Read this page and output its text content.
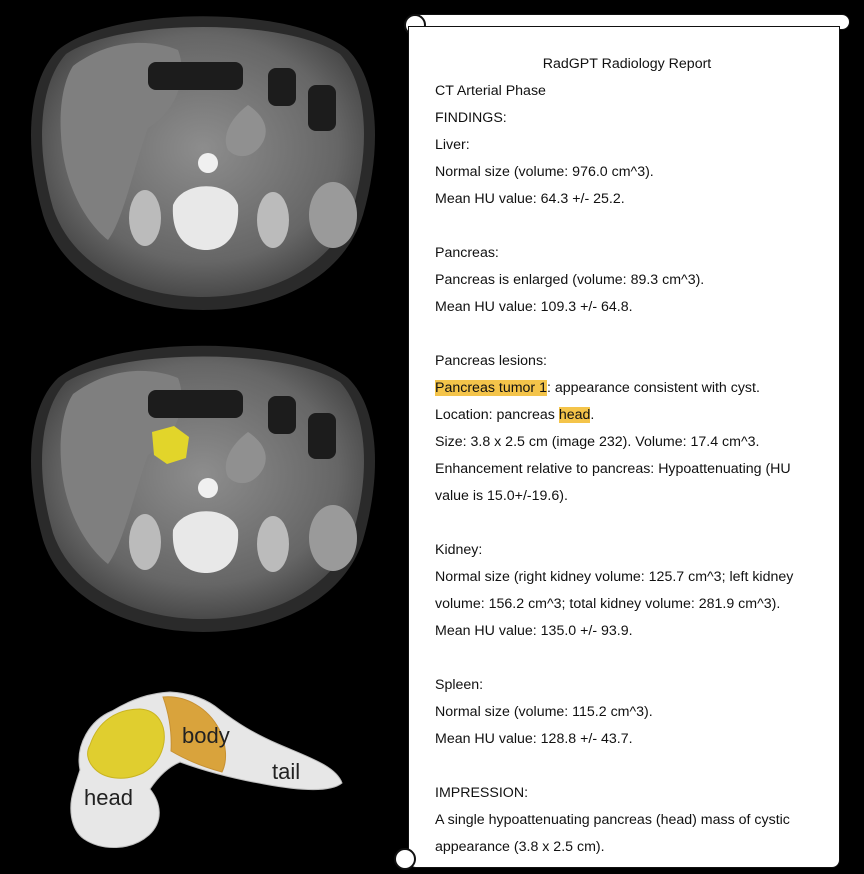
head
body
tail
RadGPT Radiology Report
CT Arterial Phase
FINDINGS:
Liver:
Normal size (volume: 976.0 cm^3).
Mean HU value: 64.3 +/- 25.2.
Pancreas:
Pancreas is enlarged (volume: 89.3 cm^3).
Mean HU value: 109.3 +/- 64.8.
Pancreas lesions:
Pancreas tumor 1: appearance consistent with cyst.
Location: pancreas head.
Size: 3.8 x 2.5 cm (image 232). Volume: 17.4 cm^3.
Enhancement relative to pancreas: Hypoattenuating (HU
value is 15.0+/-19.6).
Kidney:
Normal size (right kidney volume: 125.7 cm^3; left kidney
volume: 156.2 cm^3; total kidney volume: 281.9 cm^3).
Mean HU value: 135.0 +/- 93.9.
Spleen:
Normal size (volume: 115.2 cm^3).
Mean HU value: 128.8 +/- 43.7.
IMPRESSION:
A single hypoattenuating pancreas (head) mass of cystic
appearance (3.8 x 2.5 cm).
